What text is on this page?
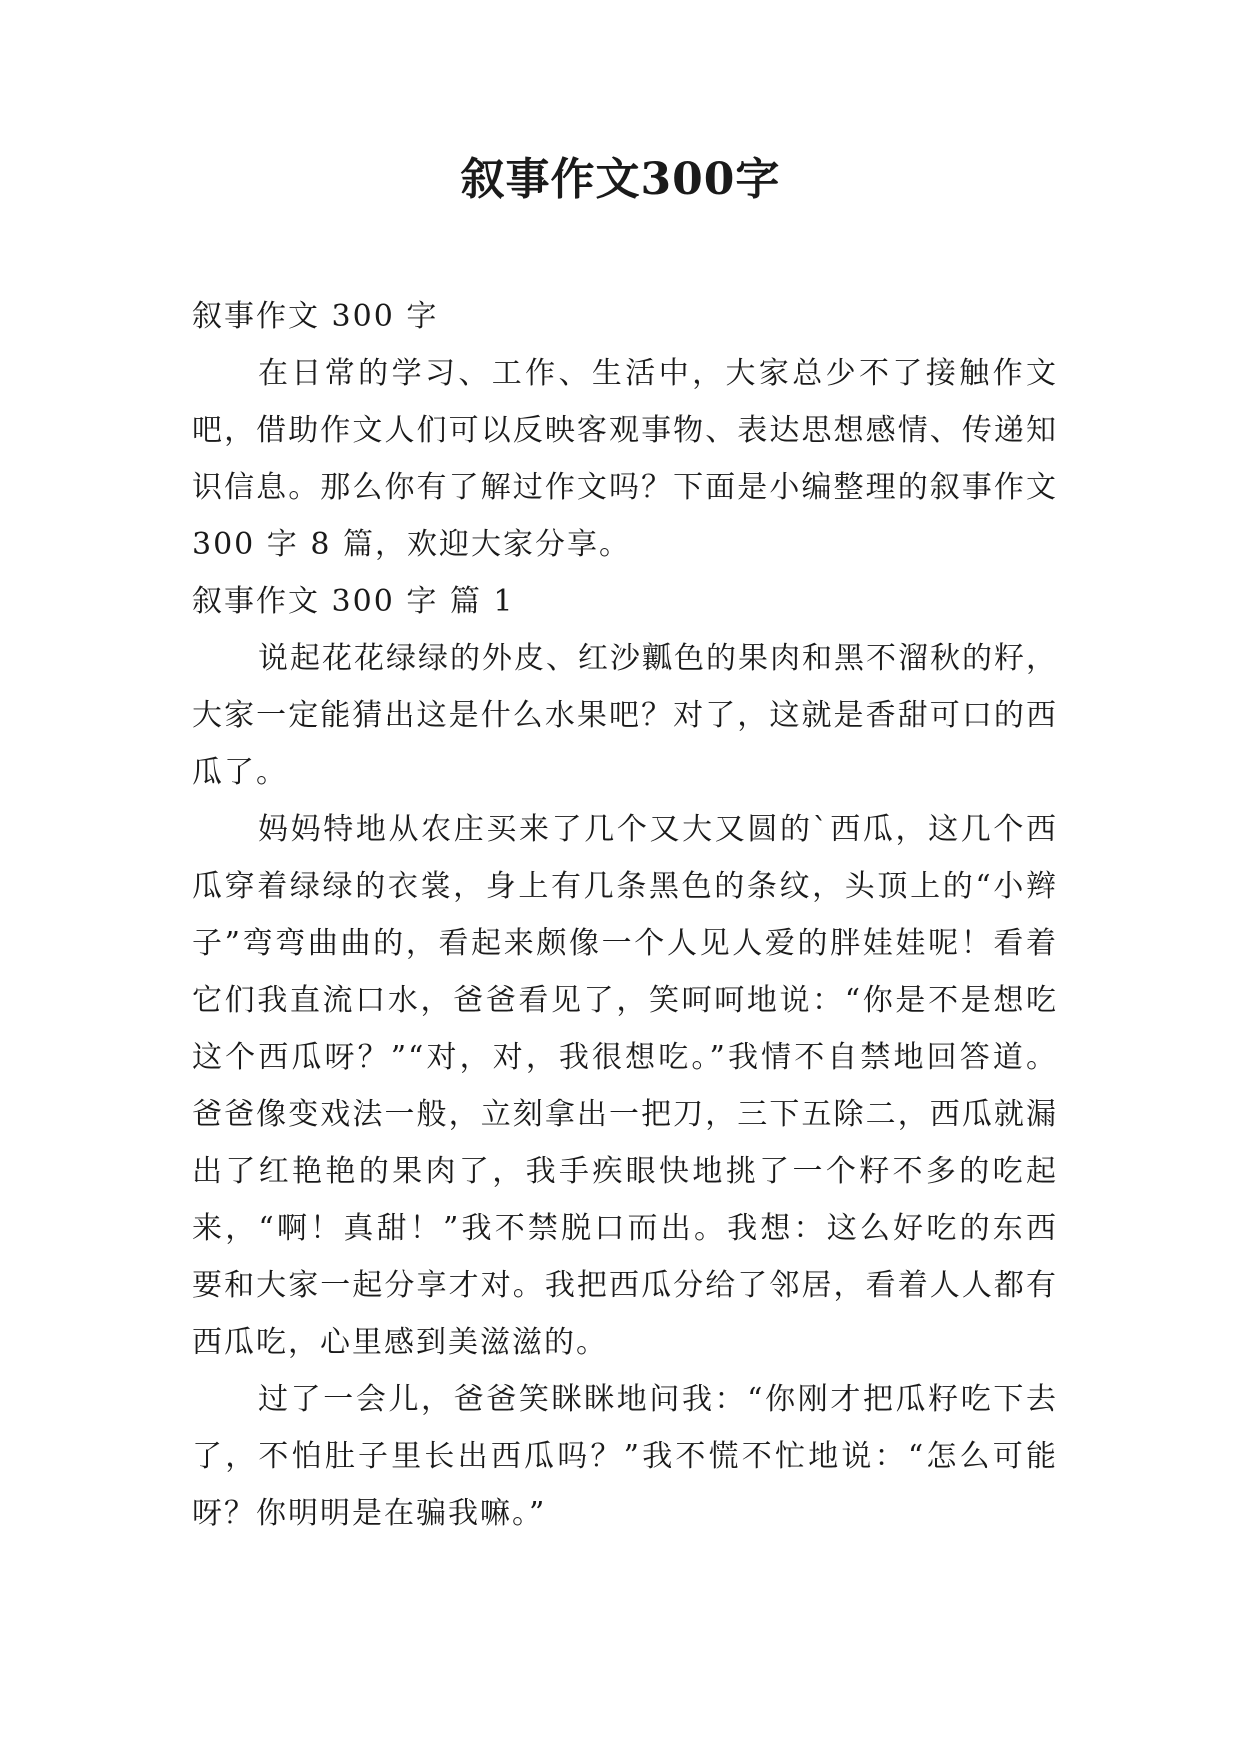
叙事作文300字

叙事作文 300 字

在日常的学习、工作、生活中，大家总少不了接触作文吧，借助作文人们可以反映客观事物、表达思想感情、传递知识信息。那么你有了解过作文吗？下面是小编整理的叙事作文 300 字 8 篇，欢迎大家分享。

叙事作文 300 字 篇 1

说起花花绿绿的外皮、红沙瓤色的果肉和黑不溜秋的籽，大家一定能猜出这是什么水果吧？对了，这就是香甜可口的西瓜了。

妈妈特地从农庄买来了几个又大又圆的`西瓜，这几个西瓜穿着绿绿的衣裳，身上有几条黑色的条纹，头顶上的“小辫子”弯弯曲曲的，看起来颇像一个人见人爱的胖娃娃呢！看着它们我直流口水，爸爸看见了，笑呵呵地说：“你是不是想吃这个西瓜呀？”“对，对，我很想吃。”我情不自禁地回答道。爸爸像变戏法一般，立刻拿出一把刀，三下五除二，西瓜就漏出了红艳艳的果肉了，我手疾眼快地挑了一个籽不多的吃起来，“啊！真甜！”我不禁脱口而出。我想：这么好吃的东西要和大家一起分享才对。我把西瓜分给了邻居，看着人人都有西瓜吃，心里感到美滋滋的。

过了一会儿，爸爸笑眯眯地问我：“你刚才把瓜籽吃下去了，不怕肚子里长出西瓜吗？”我不慌不忙地说：“怎么可能呀？你明明是在骗我嘛。”
